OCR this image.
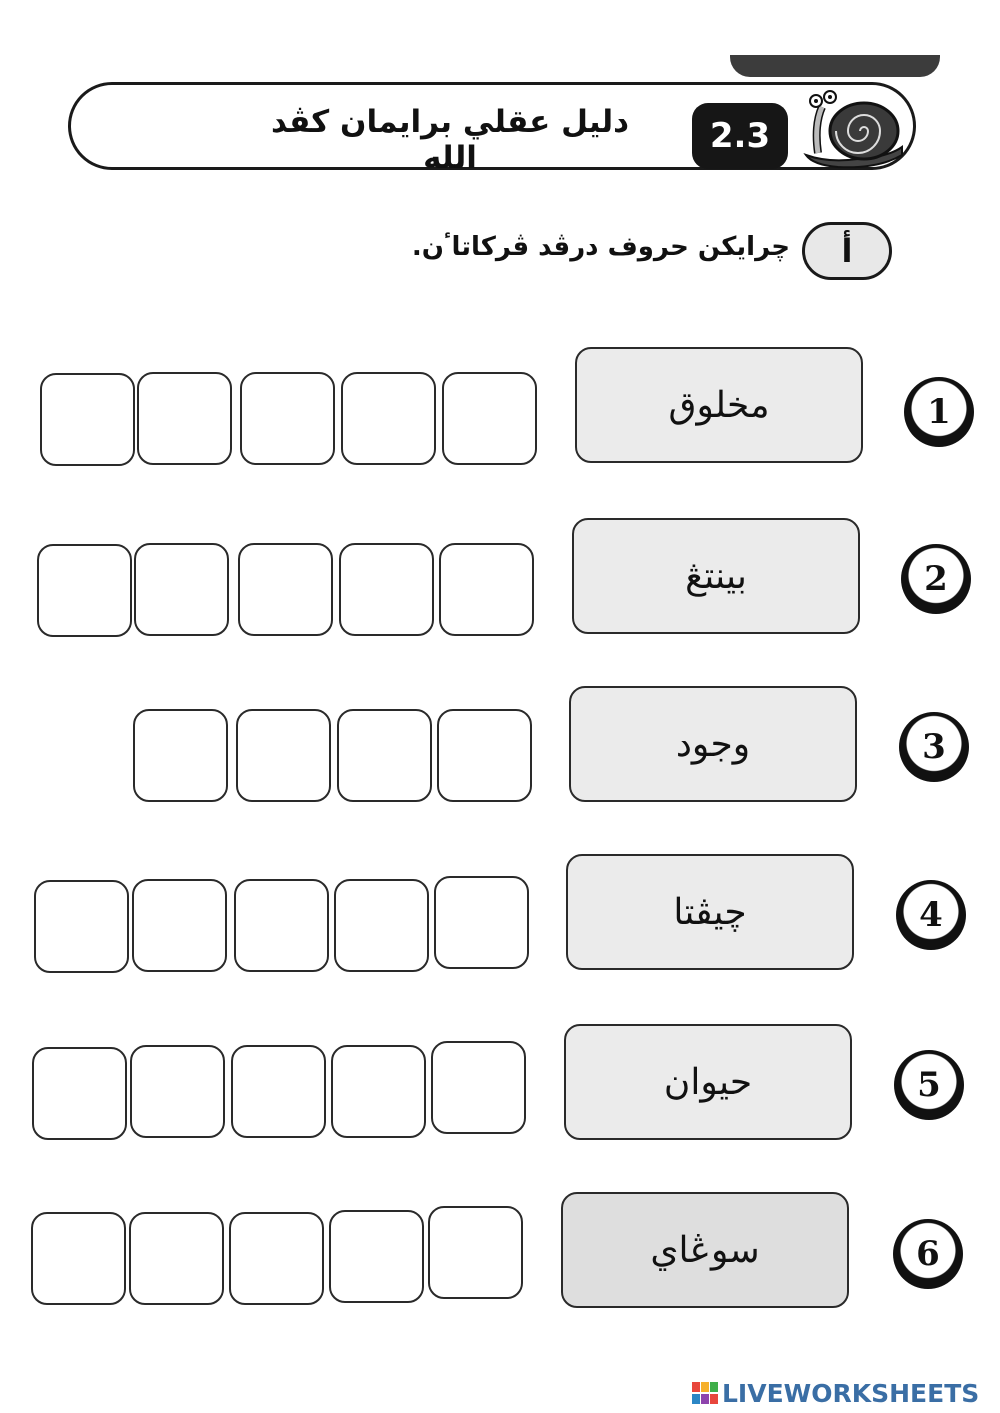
دليل عقلي برايمان كڤد الله
2.3
أ
چرايكن حروف درڤد ڤركاتاٴن.
1
مخلوق
2
بينتڠ
3
وجود
4
چيڤتا
5
حيوان
6
سوڠاي
LIVEWORKSHEETS
